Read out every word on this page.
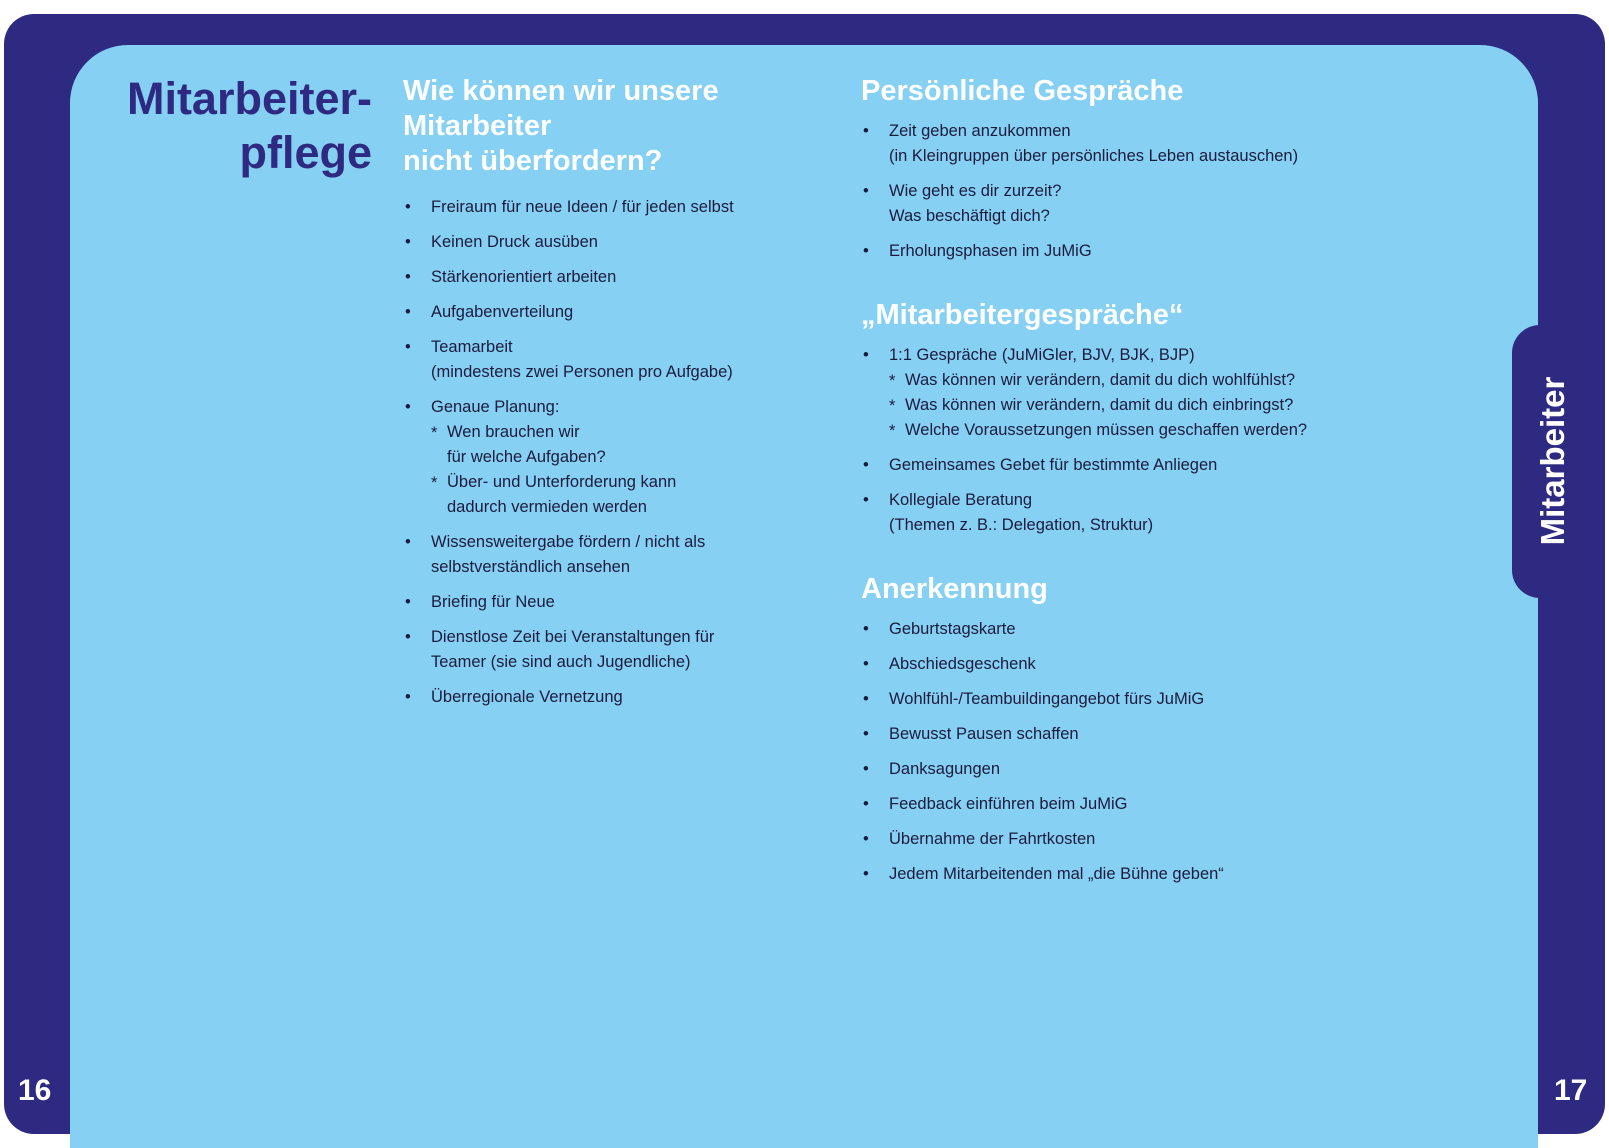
16	17
Mitarbeiter
Mitarbeiter-
pflege
Wie können wir unsere
Mitarbeiter
nicht überfordern?
• Freiraum für neue Ideen / für jeden selbst
• Keinen Druck ausüben
• Stärkenorientiert arbeiten
• Aufgabenverteilung
• Teamarbeit
(mindestens zwei Personen pro Aufgabe)
• Genaue Planung:
* Wen brauchen wir
für welche Aufgaben?
* Über- und Unterforderung kann
dadurch vermieden werden
• Wissensweitergabe fördern / nicht als
selbstverständlich ansehen
• Briefing für Neue
• Dienstlose Zeit bei Veranstaltungen für
Teamer (sie sind auch Jugendliche)
• Überregionale Vernetzung
Persönliche Gespräche
• Zeit geben anzukommen
(in Kleingruppen über persönliches Leben austauschen)
• Wie geht es dir zurzeit?
Was beschäftigt dich?
• Erholungsphasen im JuMiG
„Mitarbeitergespräche“
• 1:1 Gespräche (JuMiGler, BJV, BJK, BJP)
* Was können wir verändern, damit du dich wohlfühlst?
* Was können wir verändern, damit du dich einbringst?
* Welche Voraussetzungen müssen geschaffen werden?
• Gemeinsames Gebet für bestimmte Anliegen
• Kollegiale Beratung
(Themen z. B.: Delegation, Struktur)
Anerkennung
• Geburtstagskarte
• Abschiedsgeschenk
• Wohlfühl-/Teambuildingangebot fürs JuMiG
• Bewusst Pausen schaffen
• Danksagungen
• Feedback einführen beim JuMiG
• Übernahme der Fahrtkosten
• Jedem Mitarbeitenden mal „die Bühne geben“
